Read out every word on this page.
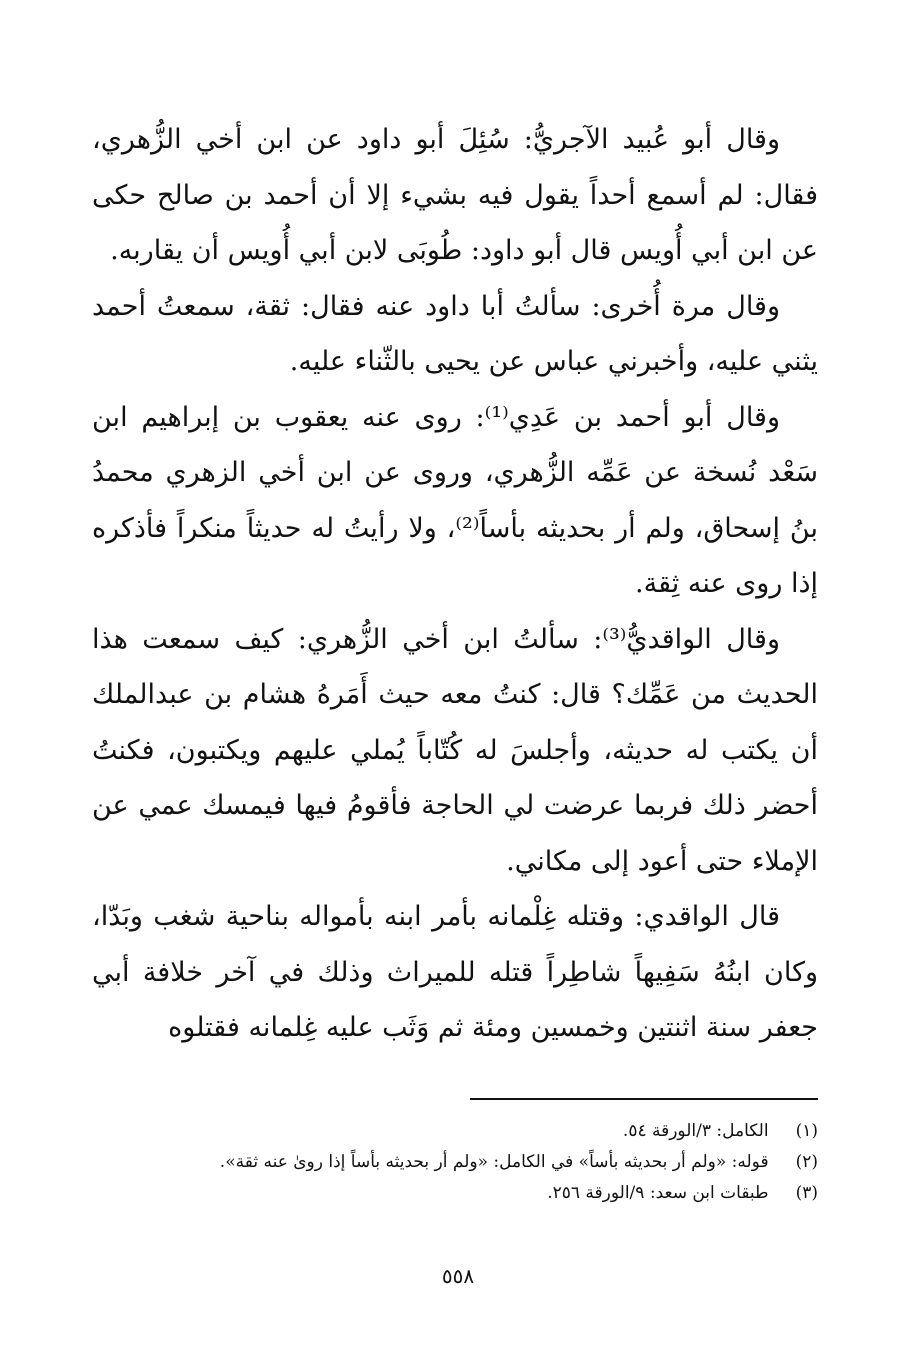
وقال أبو عُبيد الآجريُّ: سُئِلَ أبو داود عن ابن أخي الزُّهري، فقال: لم أسمع أحداً يقول فيه بشيء إلا أن أحمد بن صالح حكى عن ابن أبي أُويس قال أبو داود: طُوبَى لابن أبي أُويس أن يقاربه.

وقال مرة أُخرى: سألتُ أبا داود عنه فقال: ثقة، سمعتُ أحمد يثني عليه، وأخبرني عباس عن يحيى بالثّناء عليه.

وقال أبو أحمد بن عَدِي⁽¹⁾: روى عنه يعقوب بن إبراهيم ابن سَعْد نُسخة عن عَمِّه الزُّهري، وروى عن ابن أخي الزهري محمدُ بنُ إسحاق، ولم أر بحديثه بأساً⁽²⁾، ولا رأيتُ له حديثاً منكراً فأذكره إذا روى عنه ثِقة.

وقال الواقديُّ⁽³⁾: سألتُ ابن أخي الزُّهري: كيف سمعت هذا الحديث من عَمِّك؟ قال: كنتُ معه حيث أَمَرهُ هشام بن عبدالملك أن يكتب له حديثه، وأجلسَ له كُتّاباً يُملي عليهم ويكتبون، فكنتُ أحضر ذلك فربما عرضت لي الحاجة فأقومُ فيها فيمسك عمي عن الإملاء حتى أعود إلى مكاني.

قال الواقدي: وقتله غِلْمانه بأمر ابنه بأمواله بناحية شغب وبَدّا، وكان ابنُهُ سَفِيهاً شاطِراً قتله للميراث وذلك في آخر خلافة أبي جعفر سنة اثنتين وخمسين ومئة ثم وَثَب عليه غِلمانه فقتلوه

(١) الكامل: ٣/الورقة ٥٤.

(٢) قوله: «ولم أر بحديثه بأساً» في الكامل: «ولم أر بحديثه بأساً إذا روىٰ عنه ثقة».

(٣) طبقات ابن سعد: ٩/الورقة ٢٥٦.

٥٥٨
